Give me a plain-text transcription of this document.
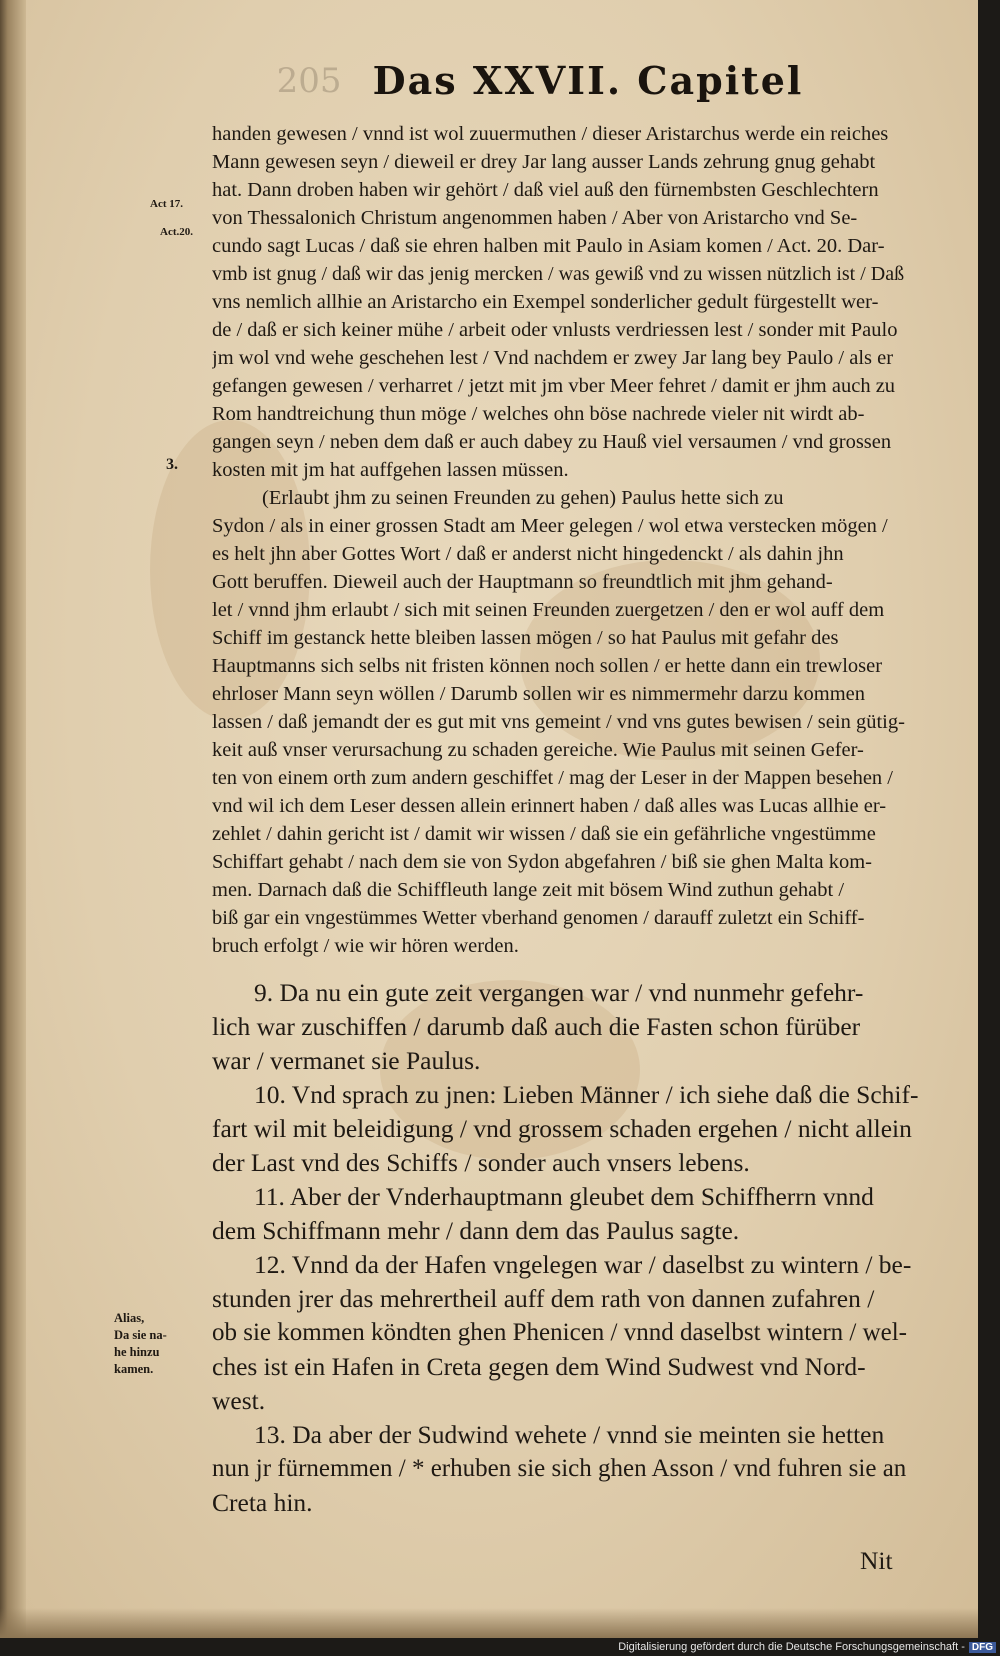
205 Das XXVII. Capitel
Act 17.
Act.20.
3.
Alias,
Da sie na-
he hinzu
kamen.

handen gewesen / vnnd ist wol zuuermuthen / dieser Aristarchus werde ein reiches

Mann gewesen seyn / dieweil er drey Jar lang ausser Lands zehrung gnug gehabt

hat. Dann droben haben wir gehört / daß viel auß den fürnembsten Geschlechtern

von Thessalonich Christum angenommen haben / Aber von Aristarcho vnd Se-

cundo sagt Lucas / daß sie ehren halben mit Paulo in Asiam komen / Act. 20. Dar-

vmb ist gnug / daß wir das jenig mercken / was gewiß vnd zu wissen nützlich ist / Daß

vns nemlich allhie an Aristarcho ein Exempel sonderlicher gedult fürgestellt wer-

de / daß er sich keiner mühe / arbeit oder vnlusts verdriessen lest / sonder mit Paulo

jm wol vnd wehe geschehen lest / Vnd nachdem er zwey Jar lang bey Paulo / als er

gefangen gewesen / verharret / jetzt mit jm vber Meer fehret / damit er jhm auch zu

Rom handtreichung thun möge / welches ohn böse nachrede vieler nit wirdt ab-

gangen seyn / neben dem daß er auch dabey zu Hauß viel versaumen / vnd grossen

kosten mit jm hat auffgehen lassen müssen.

(Erlaubt jhm zu seinen Freunden zu gehen) Paulus hette sich zu

Sydon / als in einer grossen Stadt am Meer gelegen / wol etwa verstecken mögen /

es helt jhn aber Gottes Wort / daß er anderst nicht hingedenckt / als dahin jhn

Gott beruffen. Dieweil auch der Hauptmann so freundtlich mit jhm gehand-

let / vnnd jhm erlaubt / sich mit seinen Freunden zuergetzen / den er wol auff dem

Schiff im gestanck hette bleiben lassen mögen / so hat Paulus mit gefahr des

Hauptmanns sich selbs nit fristen können noch sollen / er hette dann ein trewloser

ehrloser Mann seyn wöllen / Darumb sollen wir es nimmermehr darzu kommen

lassen / daß jemandt der es gut mit vns gemeint / vnd vns gutes bewisen / sein gütig-

keit auß vnser verursachung zu schaden gereiche. Wie Paulus mit seinen Gefer-

ten von einem orth zum andern geschiffet / mag der Leser in der Mappen besehen /

vnd wil ich dem Leser dessen allein erinnert haben / daß alles was Lucas allhie er-

zehlet / dahin gericht ist / damit wir wissen / daß sie ein gefährliche vngestümme

Schiffart gehabt / nach dem sie von Sydon abgefahren / biß sie ghen Malta kom-

men. Darnach daß die Schiffleuth lange zeit mit bösem Wind zuthun gehabt /

biß gar ein vngestümmes Wetter vberhand genomen / darauff zuletzt ein Schiff-

bruch erfolgt / wie wir hören werden.

9. Da nu ein gute zeit vergangen war / vnd nunmehr gefehr-

lich war zuschiffen / darumb daß auch die Fasten schon fürüber

war / vermanet sie Paulus.

10. Vnd sprach zu jnen: Lieben Männer / ich siehe daß die Schif-

fart wil mit beleidigung / vnd grossem schaden ergehen / nicht allein

der Last vnd des Schiffs / sonder auch vnsers lebens.

11. Aber der Vnderhauptmann gleubet dem Schiffherrn vnnd

dem Schiffmann mehr / dann dem das Paulus sagte.

12. Vnnd da der Hafen vngelegen war / daselbst zu wintern / be-

stunden jrer das mehrertheil auff dem rath von dannen zufahren /

ob sie kommen köndten ghen Phenicen / vnnd daselbst wintern / wel-

ches ist ein Hafen in Creta gegen dem Wind Sudwest vnd Nord-

west.

13. Da aber der Sudwind wehete / vnnd sie meinten sie hetten

nun jr fürnemmen / * erhuben sie sich ghen Asson / vnd fuhren sie an

Creta hin.

Nit

Digitalisierung gefördert durch die Deutsche Forschungsgemeinschaft - DFG
